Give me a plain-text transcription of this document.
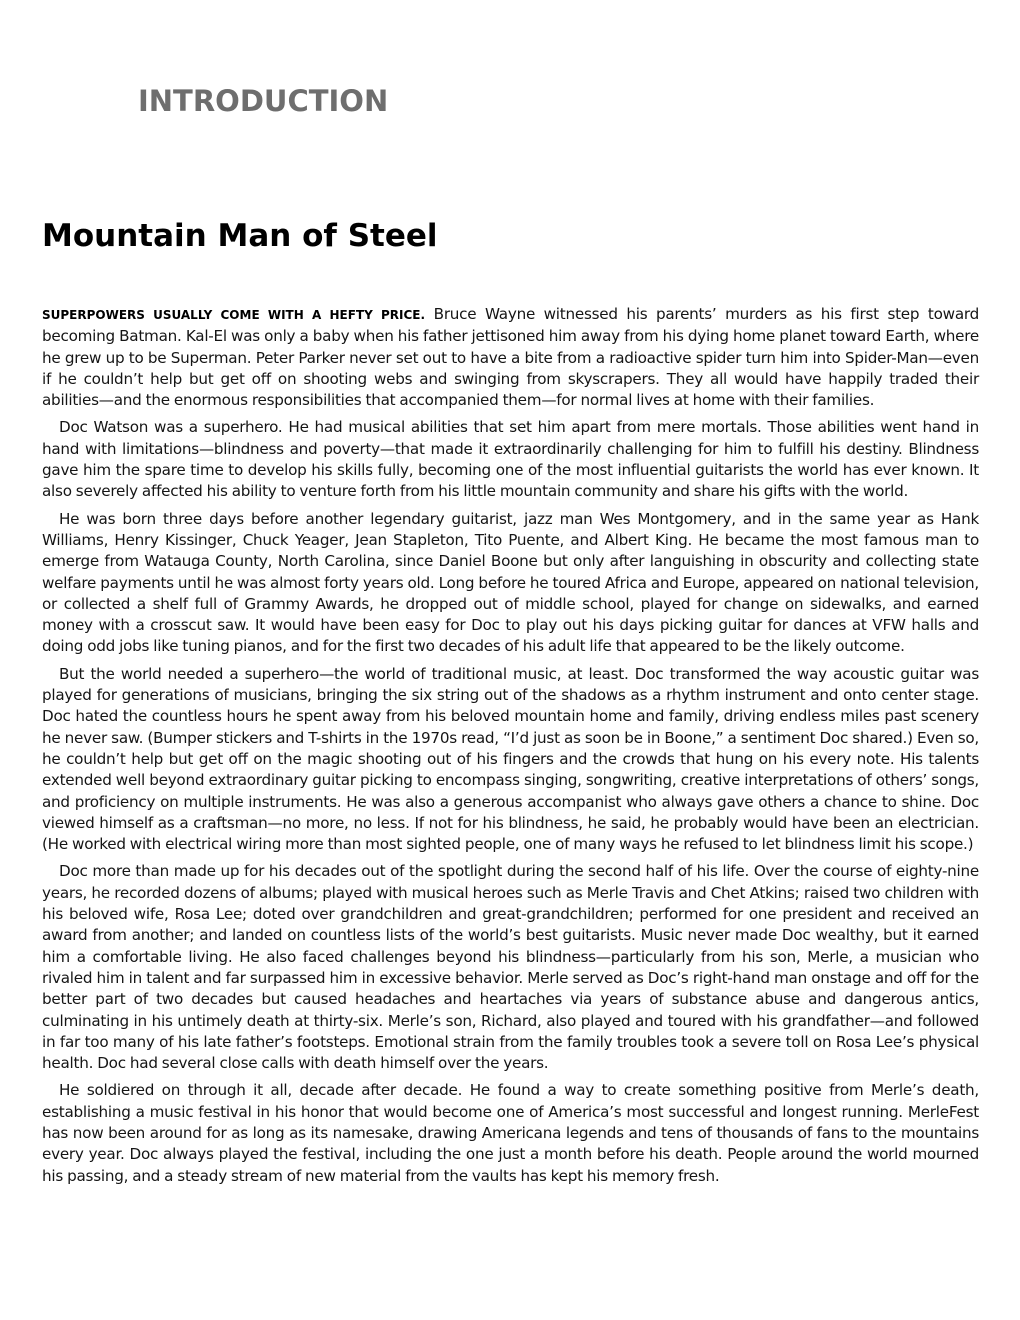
INTRODUCTION
Mountain Man of Steel

SUPERPOWERS USUALLY COME WITH A HEFTY PRICE. Bruce Wayne witnessed his parents’ murders as his first step toward becoming Batman. Kal-El was only a baby when his father jettisoned him away from his dying home planet toward Earth, where he grew up to be Superman. Peter Parker never set out to have a bite from a radioactive spider turn him into Spider-Man—even if he couldn’t help but get off on shooting webs and swinging from skyscrapers. They all would have happily traded their abilities—and the enormous responsibilities that accompanied them—for normal lives at home with their families.

Doc Watson was a superhero. He had musical abilities that set him apart from mere mortals. Those abilities went hand in hand with limitations—blindness and poverty—that made it extraordinarily challenging for him to fulfill his destiny. Blindness gave him the spare time to develop his skills fully, becoming one of the most influential guitarists the world has ever known. It also severely affected his ability to venture forth from his little mountain community and share his gifts with the world.

He was born three days before another legendary guitarist, jazz man Wes Montgomery, and in the same year as Hank Williams, Henry Kissinger, Chuck Yeager, Jean Stapleton, Tito Puente, and Albert King. He became the most famous man to emerge from Watauga County, North Carolina, since Daniel Boone but only after languishing in obscurity and collecting state welfare payments until he was almost forty years old. Long before he toured Africa and Europe, appeared on national television, or collected a shelf full of Grammy Awards, he dropped out of middle school, played for change on sidewalks, and earned money with a crosscut saw. It would have been easy for Doc to play out his days picking guitar for dances at VFW halls and doing odd jobs like tuning pianos, and for the first two decades of his adult life that appeared to be the likely outcome.

But the world needed a superhero—the world of traditional music, at least. Doc transformed the way acoustic guitar was played for generations of musicians, bringing the six string out of the shadows as a rhythm instrument and onto center stage. Doc hated the countless hours he spent away from his beloved mountain home and family, driving endless miles past scenery he never saw. (Bumper stickers and T-shirts in the 1970s read, “I’d just as soon be in Boone,” a sentiment Doc shared.) Even so, he couldn’t help but get off on the magic shooting out of his fingers and the crowds that hung on his every note. His talents extended well beyond extraordinary guitar picking to encompass singing, songwriting, creative interpretations of others’ songs, and proficiency on multiple instruments. He was also a generous accompanist who always gave others a chance to shine. Doc viewed himself as a craftsman—no more, no less. If not for his blindness, he said, he probably would have been an electrician. (He worked with electrical wiring more than most sighted people, one of many ways he refused to let blindness limit his scope.)

Doc more than made up for his decades out of the spotlight during the second half of his life. Over the course of eighty-nine years, he recorded dozens of albums; played with musical heroes such as Merle Travis and Chet Atkins; raised two children with his beloved wife, Rosa Lee; doted over grandchildren and great-grandchildren; performed for one president and received an award from another; and landed on countless lists of the world’s best guitarists. Music never made Doc wealthy, but it earned him a comfortable living. He also faced challenges beyond his blindness—particularly from his son, Merle, a musician who rivaled him in talent and far surpassed him in excessive behavior. Merle served as Doc’s right-hand man onstage and off for the better part of two decades but caused headaches and heartaches via years of substance abuse and dangerous antics, culminating in his untimely death at thirty-six. Merle’s son, Richard, also played and toured with his grandfather—and followed in far too many of his late father’s footsteps. Emotional strain from the family troubles took a severe toll on Rosa Lee’s physical health. Doc had several close calls with death himself over the years.

He soldiered on through it all, decade after decade. He found a way to create something positive from Merle’s death, establishing a music festival in his honor that would become one of America’s most successful and longest running. MerleFest has now been around for as long as its namesake, drawing Americana legends and tens of thousands of fans to the mountains every year. Doc always played the festival, including the one just a month before his death. People around the world mourned his passing, and a steady stream of new material from the vaults has kept his memory fresh.
